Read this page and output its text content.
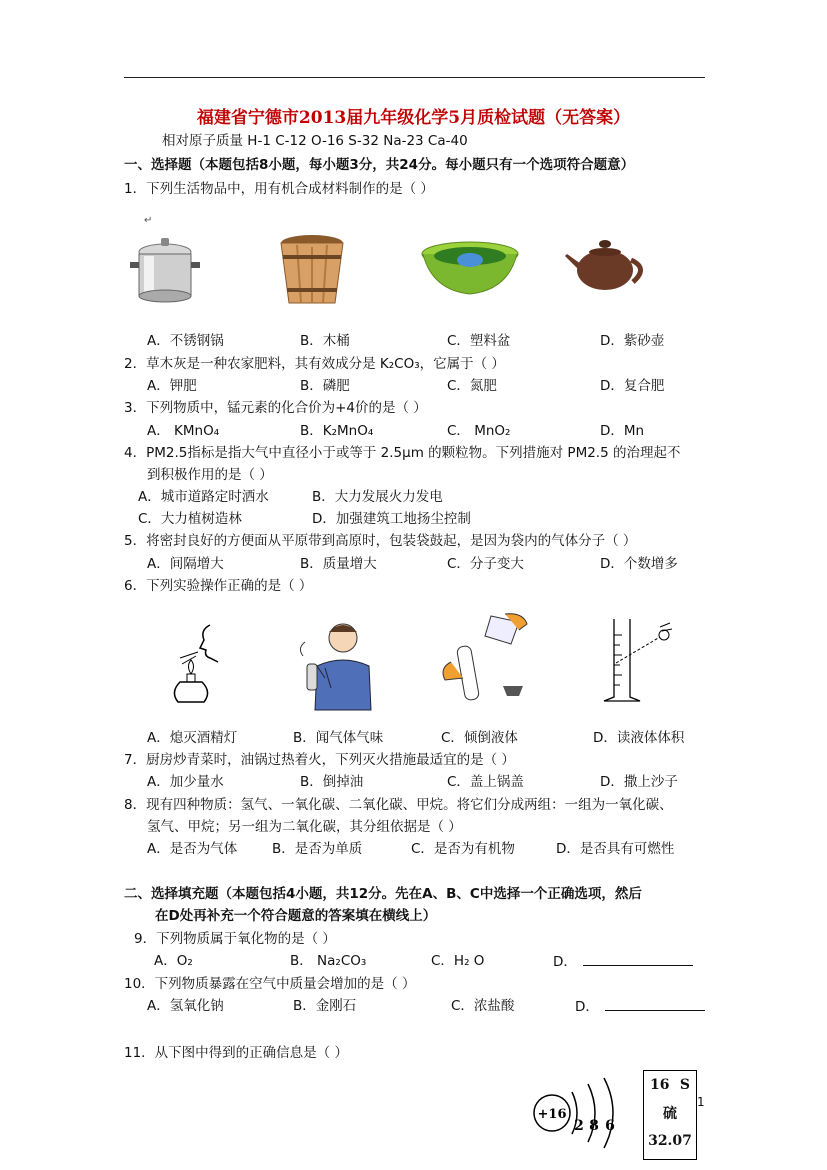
福建省宁德市2013届九年级化学5月质检试题（无答案）
相对原子质量 H-1 C-12 O-16 S-32 Na-23 Ca-40
一、选择题（本题包括8小题，每小题3分，共24分。每小题只有一个选项符合题意）
1．下列生活物品中，用有机合成材料制作的是（ ）
↵
A．不锈钢锅	B．木桶	C．塑料盆	D．紫砂壶
2．草木灰是一种农家肥料，其有效成分是 K₂CO₃，它属于（ ）
A．钾肥	B．磷肥	C．氮肥	D．复合肥
3．下列物质中，锰元素的化合价为+4价的是（ ）
A． KMnO₄	B．K₂MnO₄	C． MnO₂	D．Mn
4．PM2.5指标是指大气中直径小于或等于 2.5μm 的颗粒物。下列措施对 PM2.5 的治理起不
到积极作用的是（ ）
A．城市道路定时洒水	B．大力发展火力发电
C．大力植树造林	D．加强建筑工地扬尘控制
5．将密封良好的方便面从平原带到高原时，包装袋鼓起，是因为袋内的气体分子（ ）
A．间隔增大	B．质量增大	C．分子变大	D．个数增多
6．下列实验操作正确的是（ ）
A．熄灭酒精灯	B．闻气体气味	C．倾倒液体	D．读液体体积
7．厨房炒青菜时，油锅过热着火，下列灭火措施最适宜的是（ ）
A．加少量水	B．倒掉油	C．盖上锅盖	D．撒上沙子
8．现有四种物质：氢气、一氧化碳、二氧化碳、甲烷。将它们分成两组：一组为一氧化碳、
氢气、甲烷；另一组为二氧化碳，其分组依据是（ ）
A．是否为气体	B．是否为单质	C．是否为有机物	D．是否具有可燃性
二、选择填充题（本题包括4小题，共12分。先在A、B、C中选择一个正确选项，然后
在D处再补充一个符合题意的答案填在横线上）
9．下列物质属于氧化物的是（ ）
A．O₂	B． Na₂CO₃	C．H₂ O	D．
10．下列物质暴露在空气中质量会增加的是（ ）
A．氢氧化钠	B．金刚石	C．浓盐酸	D．
11．从下图中得到的正确信息是（ ）
+16
2 8 6
16 S
硫
32.07
1
